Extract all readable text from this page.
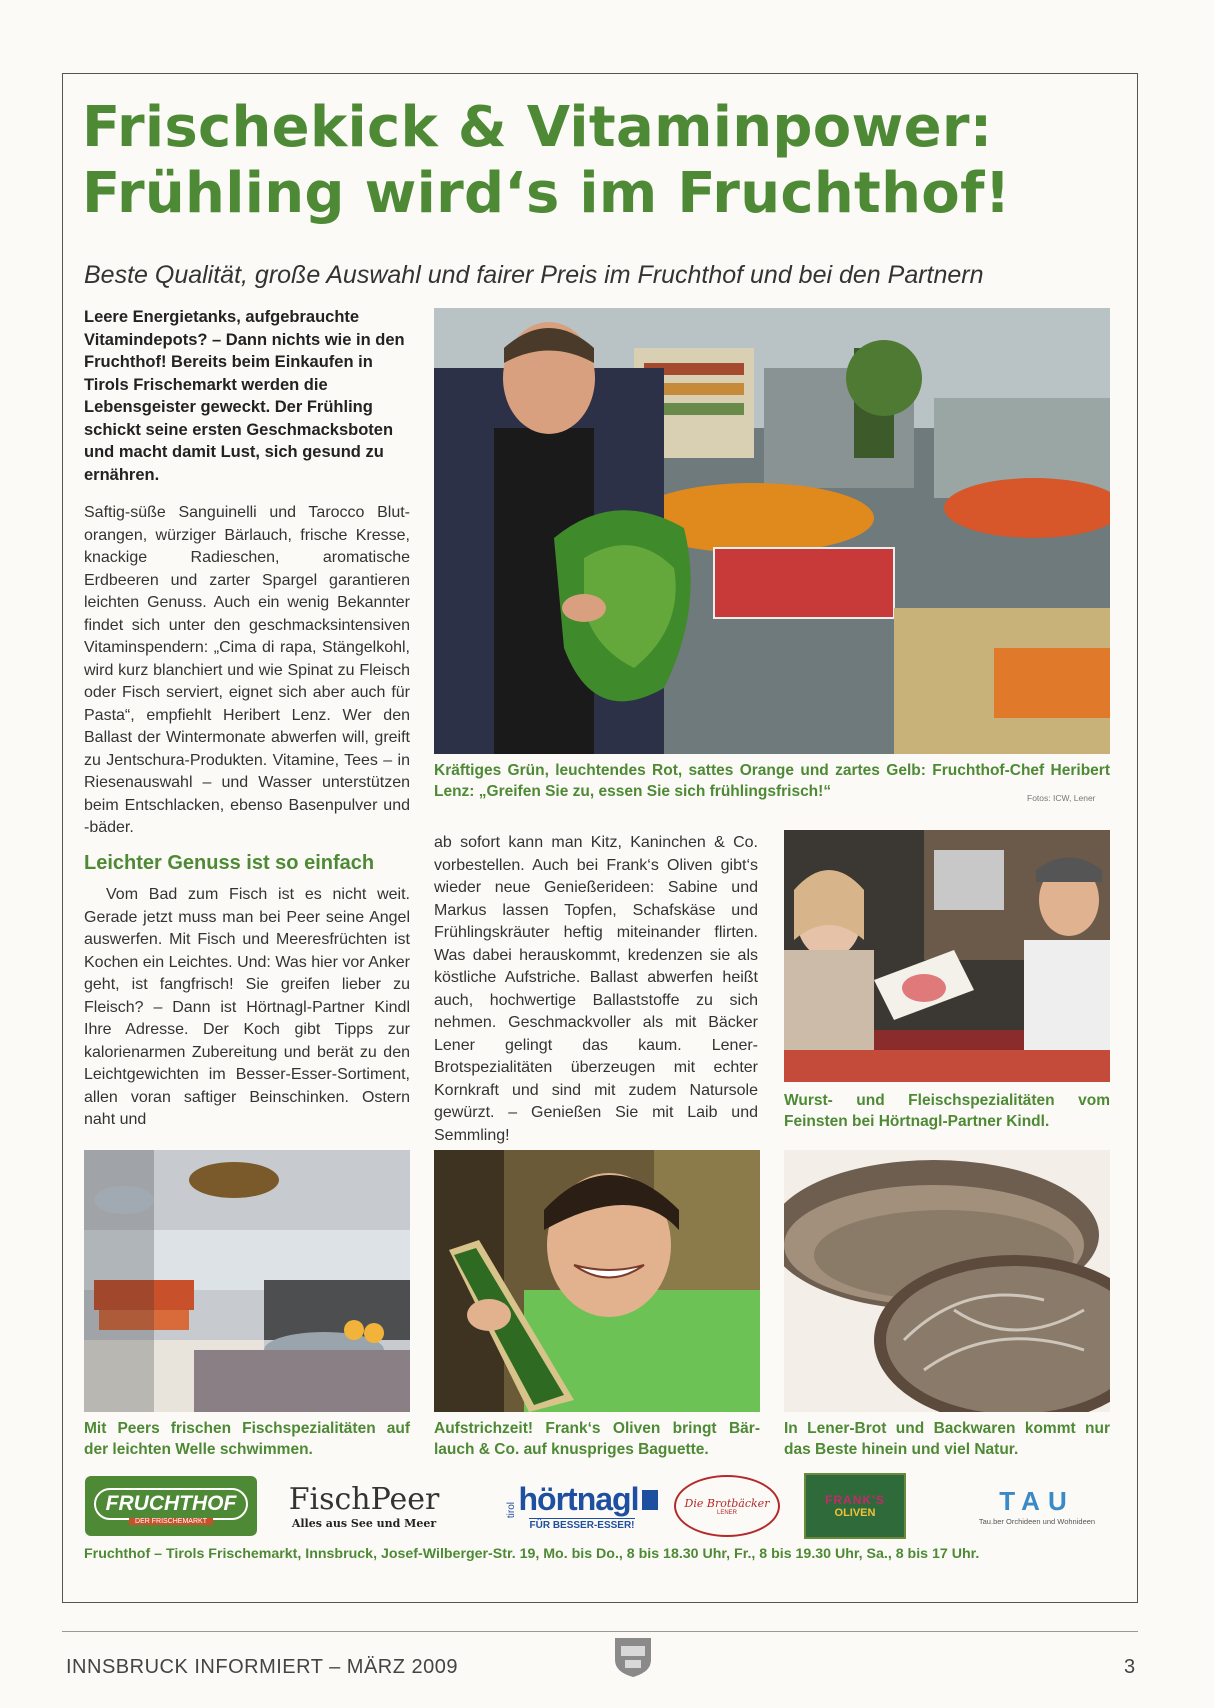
Frischekick & Vitaminpower:
Frühling wird‘s im Fruchthof!
Beste Qualität, große Auswahl und fairer Preis im Fruchthof und bei den Partnern

Leere Energietanks, aufgebrauchte Vitamindepots? – Dann nichts wie in den Fruchthof! Bereits beim Einkaufen in Tirols Frischemarkt werden die Lebensgeister geweckt. Der Frühling schickt seine ersten Geschmacksboten und macht damit Lust, sich gesund zu ernähren.

Saftig-süße Sanguinelli und Tarocco Blut-orangen, würziger Bärlauch, frische Kresse, knackige Radieschen, aromatische Erdbeeren und zarter Spargel garantieren leichten Genuss. Auch ein wenig Bekannter findet sich unter den geschmacksintensiven Vitaminspendern: „Cima di rapa, Stängelkohl, wird kurz blanchiert und wie Spinat zu Fleisch oder Fisch serviert, eignet sich aber auch für Pasta“, empfiehlt Heribert Lenz. Wer den Ballast der Wintermonate abwerfen will, greift zu Jentschura-Produkten. Vitamine, Tees – in Riesenauswahl – und Wasser unterstützen beim Entschlacken, ebenso Basenpulver und -bäder.

Leichter Genuss ist so einfach

Vom Bad zum Fisch ist es nicht weit. Gerade jetzt muss man bei Peer seine Angel auswerfen. Mit Fisch und Meeresfrüchten ist Kochen ein Leichtes. Und: Was hier vor Anker geht, ist fangfrisch! Sie greifen lieber zu Fleisch? – Dann ist Hörtnagl-Partner Kindl Ihre Adresse. Der Koch gibt Tipps zur kalorienarmen Zubereitung und berät zu den Leichtgewichten im Besser-Esser-Sortiment, allen voran saftiger Beinschinken. Ostern naht und

ab sofort kann man Kitz, Kaninchen & Co. vorbestellen. Auch bei Frank‘s Oliven gibt‘s wieder neue Genießerideen: Sabine und Markus lassen Topfen, Schafskäse und Frühlingskräuter heftig miteinander flirten. Was dabei herauskommt, kredenzen sie als köstliche Aufstriche. Ballast abwerfen heißt auch, hochwertige Ballaststoffe zu sich nehmen. Geschmackvoller als mit Bäcker Lener gelingt das kaum. Lener-Brotspezialitäten überzeugen mit echter Kornkraft und sind mit zudem Natursole gewürzt. – Genießen Sie mit Laib und Semmling!

Kräftiges Grün, leuchtendes Rot, sattes Orange und zartes Gelb: Fruchthof-Chef Heribert Lenz: „Greifen Sie zu, essen Sie sich frühlingsfrisch!“	Fotos: ICW, Lener
Wurst- und Fleischspezialitäten vom Feinsten bei Hörtnagl-Partner Kindl.
Mit Peers frischen Fischspezialitäten auf der leichten Welle schwimmen.
Aufstrichzeit! Frank‘s Oliven bringt Bärlauch & Co. auf knuspriges Baguette.
In Lener-Brot und Backwaren kommt nur das Beste hinein und viel Natur.
FRUCHTHOF
DER FRISCHEMARKT
FischPeer
Alles aus See und Meer
tirol hörtnagl
FÜR BESSER-ESSER!
Die Brotbäcker
LENER
FRANK'S
OLIVEN	TAU
Tau.ber Orchideen und Wohnideen
Fruchthof – Tirols Frischemarkt, Innsbruck, Josef-Wilberger-Str. 19, Mo. bis Do., 8 bis 18.30 Uhr, Fr., 8 bis 19.30 Uhr, Sa., 8 bis 17 Uhr.
INNSBRUCK INFORMIERT – MÄRZ 2009	3
